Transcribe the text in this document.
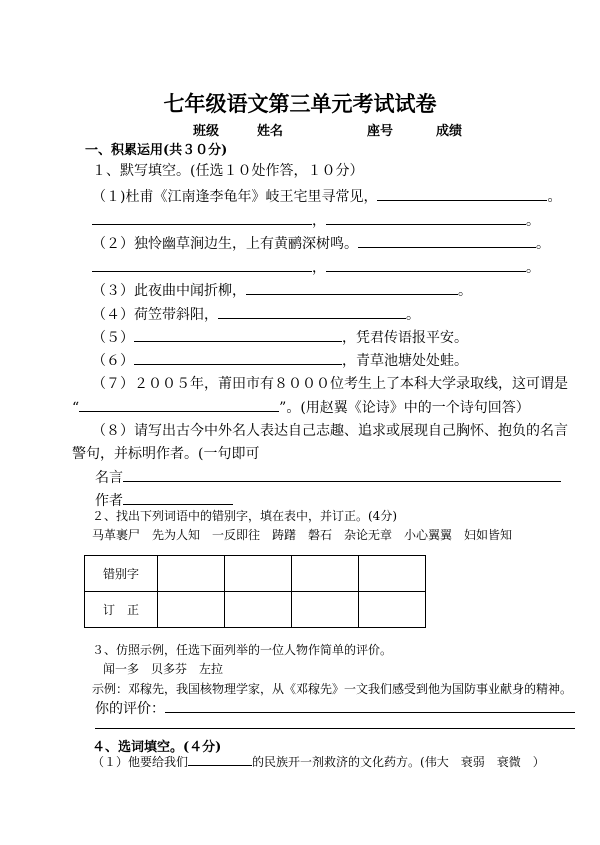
七年级语文第三单元考试试卷
班级	姓名	座号	成绩
一、积累运用(共３０分)
１、默写填空。(任选１０处作答，１０分）
（１)杜甫《江南逢李龟年》岐王宅里寻常见，	。
，	。
（２）独怜幽草涧边生，上有黄鹂深树鸣。	。
，	。
（３）此夜曲中闻折柳，	。
（４）荷笠带斜阳，	。
（５）	，凭君传语报平安。
（６）	，青草池塘处处蛙。
（７）２００５年，莆田市有８０００位考生上了本科大学录取线，这可谓是
“	”。(用赵翼《论诗》中的一个诗句回答）
（８）请写出古今中外名人表达自己志趣、追求或展现自己胸怀、抱负的名言
警句，并标明作者。(一句即可
名言
作者
２、找出下列词语中的错别字，填在表中，并订正。(4分)
马革裹尸　先为人知　一反即往　踌躇　磐石　杂论无章　小心翼翼　妇如皆知
错别字				
订　正				
３、仿照示例，任选下面列举的一位人物作简单的评价。
闻一多　贝多芬　左拉
示例：邓稼先，我国核物理学家，从《邓稼先》一文我们感受到他为国防事业献身的精神。
你的评价：
４、选词填空。(４分)
（１）他要给我们	的民族开一剂救济的文化药方。(伟大　衰弱　衰微　）
